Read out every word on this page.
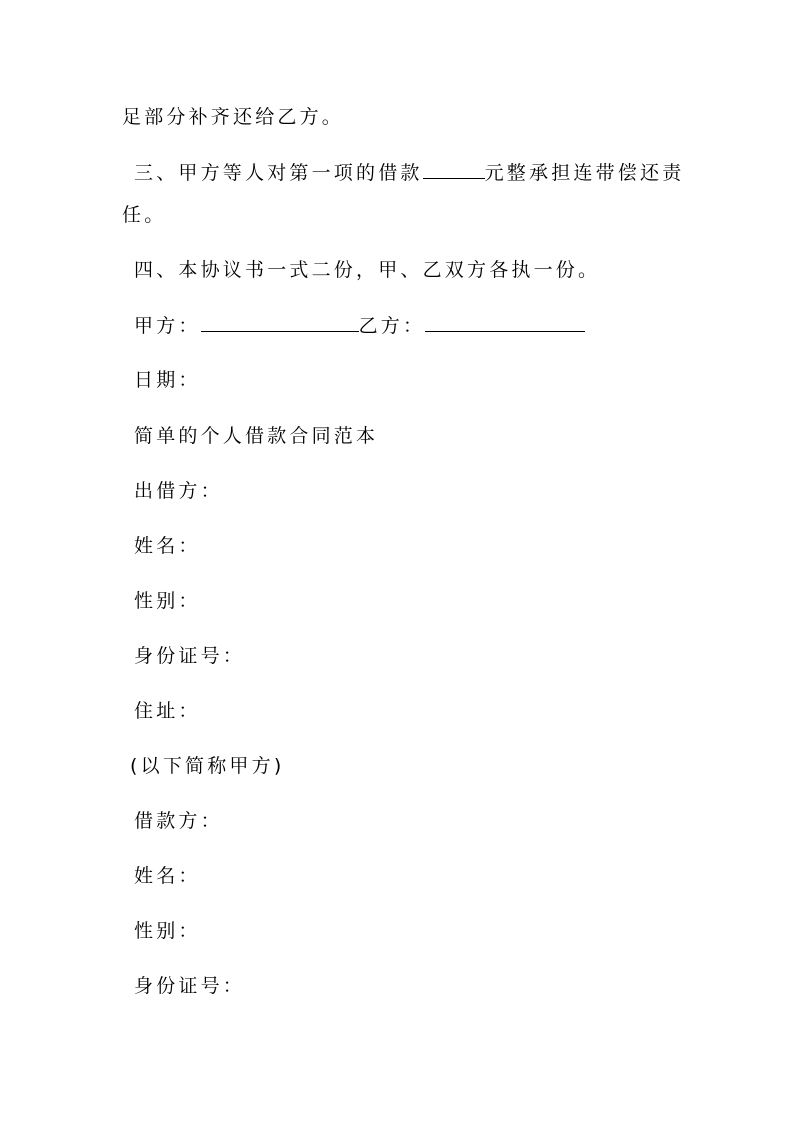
足部分补齐还给乙方。
三、甲方等人对第一项的借款	元整承担连带偿还责
任。
四、本协议书一式二份，甲、乙双方各执一份。
甲方：	乙方：
日期：
简单的个人借款合同范本
出借方：
姓名：
性别：
身份证号：
住址：
(以下简称甲方)
借款方：
姓名：
性别：
身份证号：
